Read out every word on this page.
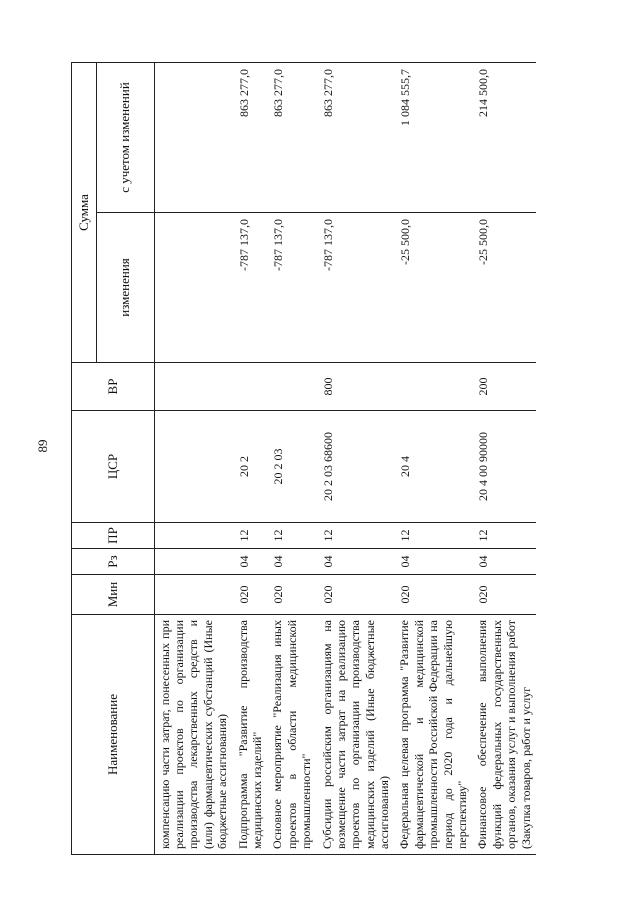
89
Наименование	Мин	Рз	ПР	ЦСР	ВР	Сумма	
						изменения	с учетом изменений
компенсацию части затрат, понесенных при реализации проектов по организации производства лекарственных средств и (или) фармацевтических субстанций (Иные бюджетные ассигнования)							
Подпрограмма "Развитие производства медицинских изделий"	020	04	12	20 2		-787 137,0	863 277,0
Основное мероприятие "Реализация иных проектов в области медицинской промышленности"	020	04	12	20 2 03		-787 137,0	863 277,0
Субсидии российским организациям на возмещение части затрат на реализацию проектов по организации производства медицинских изделий (Иные бюджетные ассигнования)	020	04	12	20 2 03 68600	800	-787 137,0	863 277,0
Федеральная целевая программа "Развитие фармацевтической и медицинской промышленности Российской Федерации на период до 2020 года и дальнейшую перспективу"	020	04	12	20 4		-25 500,0	1 084 555,7
Финансовое обеспечение выполнения функций федеральных государственных органов, оказания услуг и выполнения работ (Закупка товаров, работ и услуг	020	04	12	20 4 00 90000	200	-25 500,0	214 500,0
